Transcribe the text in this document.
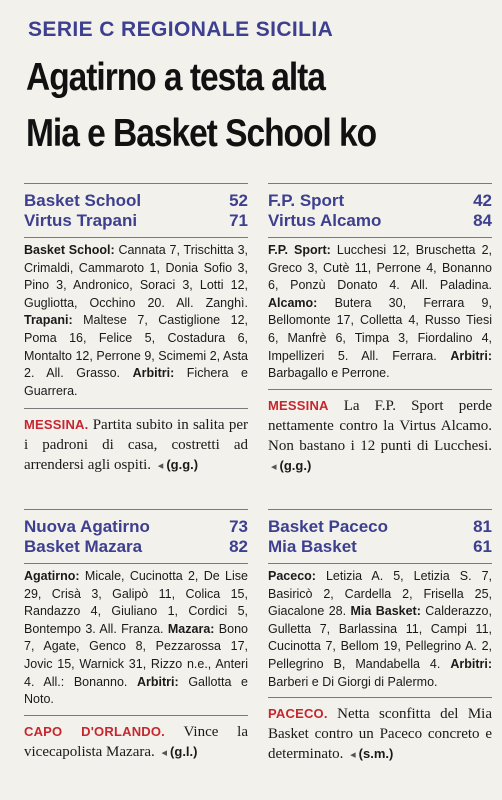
SERIE C REGIONALE SICILIA
Agatirno a testa alta
Mia e Basket School ko
Basket School	52
Virtus Trapani	71
Basket School: Cannata 7, Trischitta 3, Crimaldi, Cammaroto 1, Donia Sofio 3, Pino 3, Andronico, Soraci 3, Lotti 12, Gugliotta, Occhino 20. All. Zanghì. Trapani: Maltese 7, Castiglione 12, Poma 16, Felice 5, Costadura 6, Montalto 12, Perrone 9, Scimemi 2, Asta 2. All. Grasso. Arbitri: Fichera e Guarrera.
MESSINA. Partita subito in salita per i padroni di casa, costretti ad arrendersi agli ospiti. ◂ (g.g.)
F.P. Sport	42
Virtus Alcamo	84
F.P. Sport: Lucchesi 12, Bruschetta 2, Greco 3, Cutè 11, Perrone 4, Bonanno 6, Ponzù Donato 4. All. Paladina. Alcamo: Butera 30, Ferrara 9, Bellomonte 17, Colletta 4, Russo Tiesi 6, Manfrè 6, Timpa 3, Fiordalino 4, Impellizeri 5. All. Ferrara. Arbitri: Barbagallo e Perrone.
MESSINA La F.P. Sport perde nettamente contro la Virtus Alcamo. Non bastano i 12 punti di Lucchesi. ◂ (g.g.)
Nuova Agatirno	73
Basket Mazara	82
Agatirno: Micale, Cucinotta 2, De Lise 29, Crisà 3, Galipò 11, Colica 15, Randazzo 4, Giuliano 1, Cordici 5, Bontempo 3. All. Franza. Mazara: Bono 7, Agate, Genco 8, Pezzarossa 17, Jovic 15, Warnick 31, Rizzo n.e., Anteri 4. All.: Bonanno. Arbitri: Gallotta e Noto.
CAPO D'ORLANDO. Vince la vicecapolista Mazara. ◂ (g.l.)
Basket Paceco	81
Mia Basket	61
Paceco: Letizia A. 5, Letizia S. 7, Basiricò 2, Cardella 2, Frisella 25, Giacalone 28. Mia Basket: Calderazzo, Gulletta 7, Barlassina 11, Campi 11, Cucinotta 7, Bellom 19, Pellegrino A. 2, Pellegrino B, Mandabella 4. Arbitri: Barberi e Di Giorgi di Palermo.
PACECO. Netta sconfitta del Mia Basket contro un Paceco concreto e determinato. ◂ (s.m.)
